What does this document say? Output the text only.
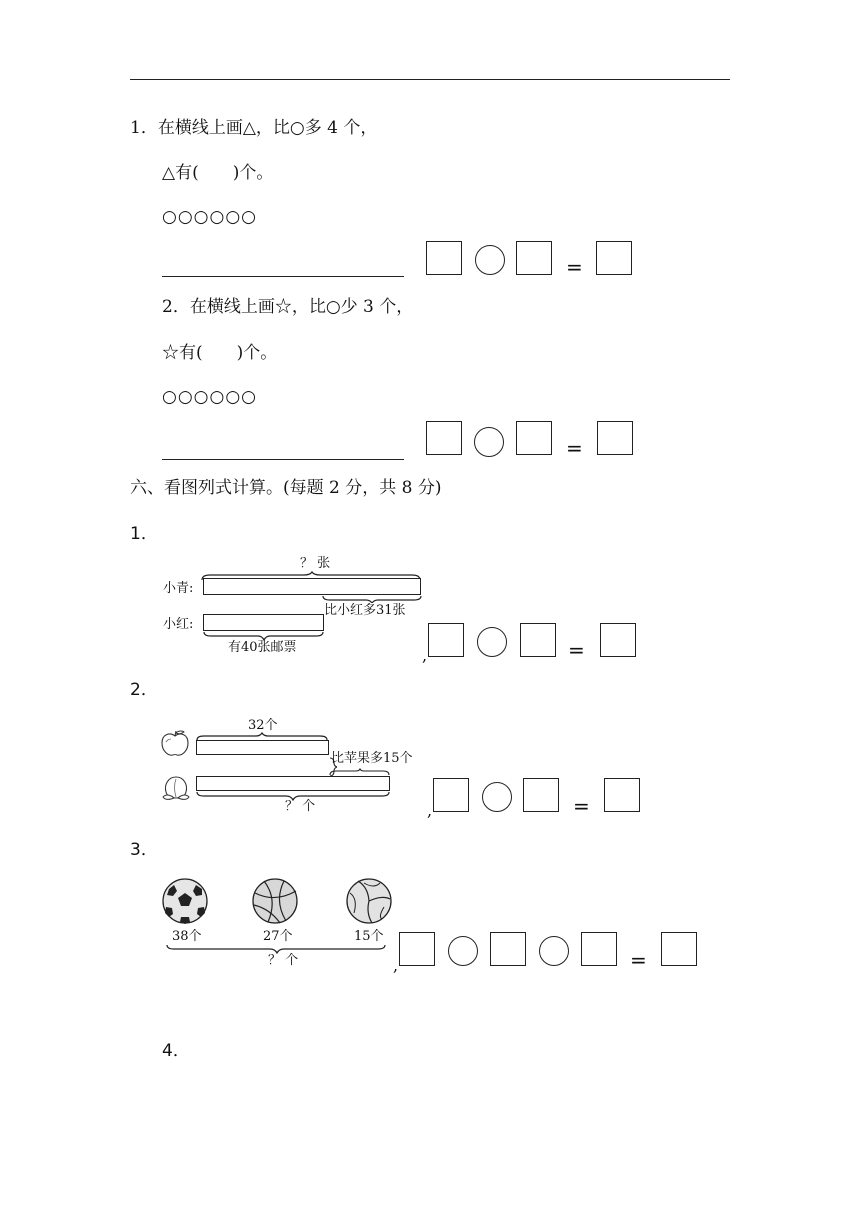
1．在横线上画△，比○多 4 个，
△有(　　)个。
○○○○○○
=
2．在横线上画☆，比○少 3 个，
☆有(　　)个。
○○○○○○
=
六、看图列式计算。(每题 2 分，共 8 分)
1．
？ 张
小青:
比小红多31张
小红:
有40张邮票	,	=
2．
32个
比苹果多15个
？ 个	,	=
3．
38个	27个	15个
？ 个	,	=
4．
